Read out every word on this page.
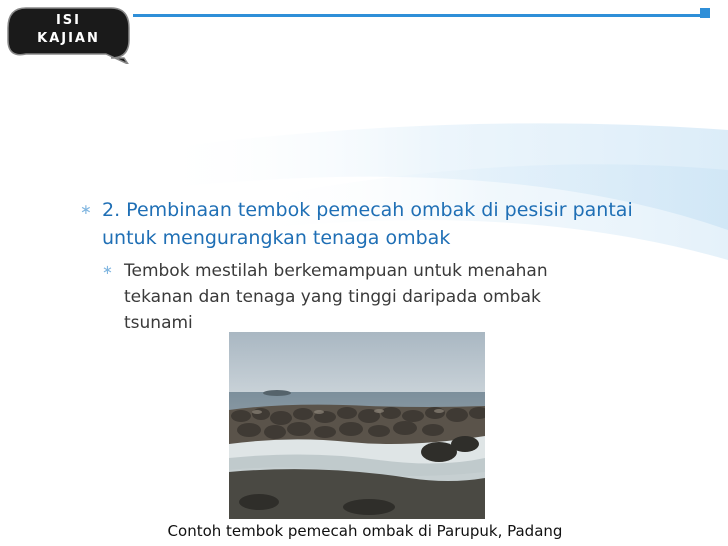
ISI
KAJIAN
∗ 2. Pembinaan tembok pemecah ombak di pesisir pantai untuk mengurangkan tenaga ombak
∗ Tembok mestilah berkemampuan untuk menahan tekanan dan tenaga yang tinggi daripada ombak tsunami
Contoh tembok pemecah ombak di Parupuk, Padang
